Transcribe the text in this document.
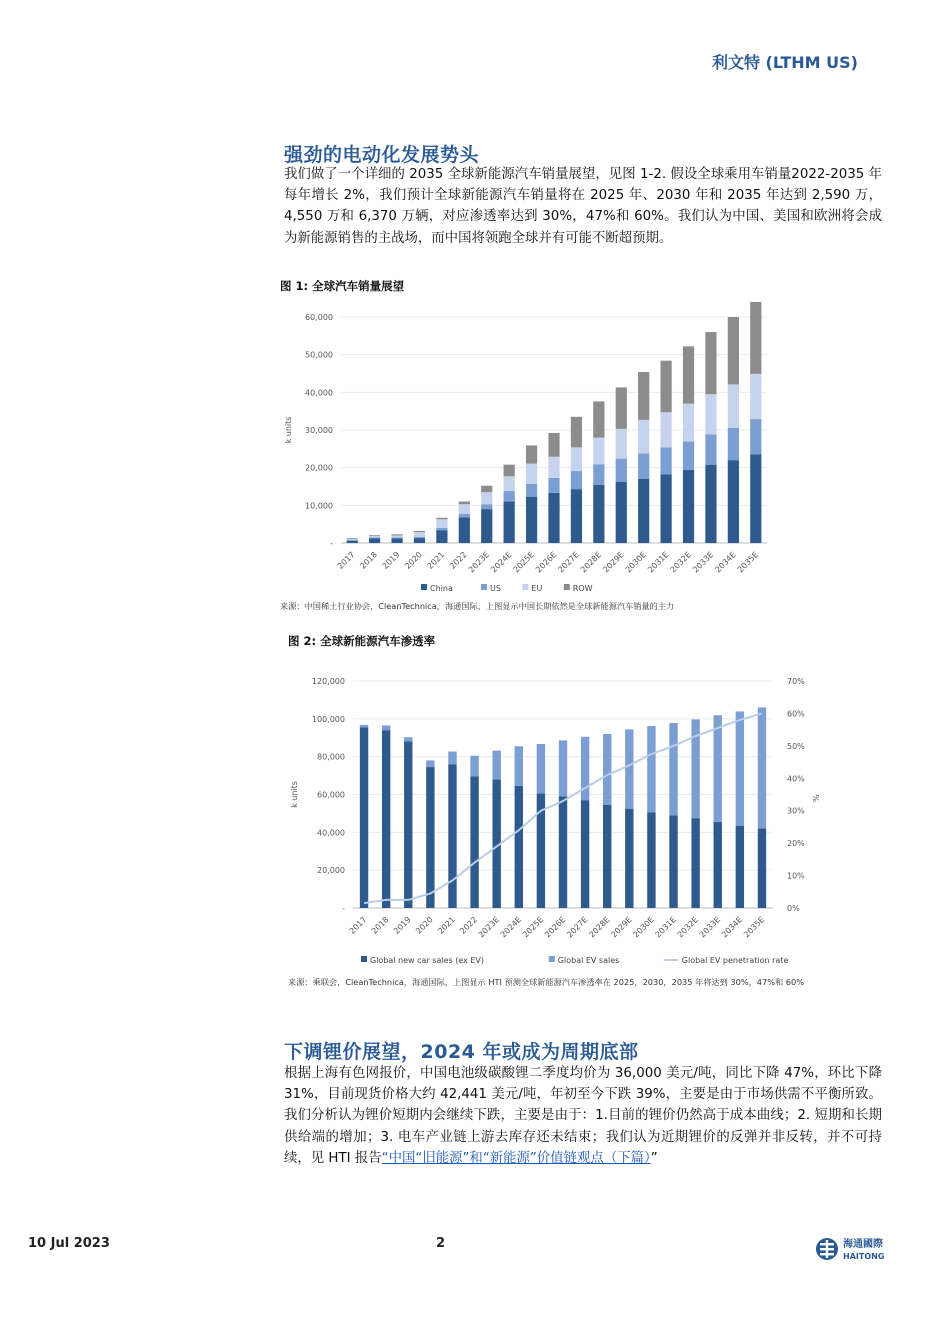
利文特 (LTHM US)
强劲的电动化发展势头

我们做了一个详细的 2035 全球新能源汽车销量展望，见图 1-2. 假设全球乘用车销量2022-2035 年每年增长 2%，我们预计全球新能源汽车销量将在 2025 年、2030 年和 2035 年达到 2,590 万，4,550 万和 6,370 万辆，对应渗透率达到 30%，47%和 60%。我们认为中国、美国和欧洲将会成为新能源销售的主战场，而中国将领跑全球并有可能不断超预期。

图 1: 全球汽车销量展望
-
10,000
20,000
30,000
40,000
50,000
60,000
k units
2017 2018 2019 2020 2021 2022
2023E
2024E
2025E
2026E
2027E
2028E
2029E
2030E
2031E
2032E
2033E
2034E
2035E
China	US	EU	ROW
来源：中国稀土行业协会，CleanTechnica，海通国际，上图显示中国长期依然是全球新能源汽车销量的主力
图 2: 全球新能源汽车渗透率
-
20,000
40,000
60,000
80,000
100,000
120,000
0%
10%
20%
30%
40%
50%
60%
70%
%
k units
2017 2018 2019 2020 2021 2022
2023E
2024E
2025E
2026E
2027E
2028E
2029E
2030E
2031E
2032E
2033E
2034E
2035E
Global new car sales (ex EV)	Global EV sales	Global EV penetration rate
来源：乘联会，CleanTechnica，海通国际，上图显示 HTI 预测全球新能源汽车渗透率在 2025，2030，2035 年将达到 30%，47%和 60%
下调锂价展望，2024 年或成为周期底部

根据上海有色网报价，中国电池级碳酸锂二季度均价为 36,000 美元/吨，同比下降 47%，环比下降 31%，目前现货价格大约 42,441 美元/吨，年初至今下跌 39%，主要是由于市场供需不平衡所致。我们分析认为锂价短期内会继续下跌，主要是由于：1.目前的锂价仍然高于成本曲线；2. 短期和长期供给端的增加；3. 电车产业链上游去库存还未结束；我们认为近期锂价的反弹并非反转，并不可持续，见 HTI 报告“中国“旧能源”和“新能源”价值链观点（下篇）”

10 Jul 2023	2	海通國際
HAITONG
